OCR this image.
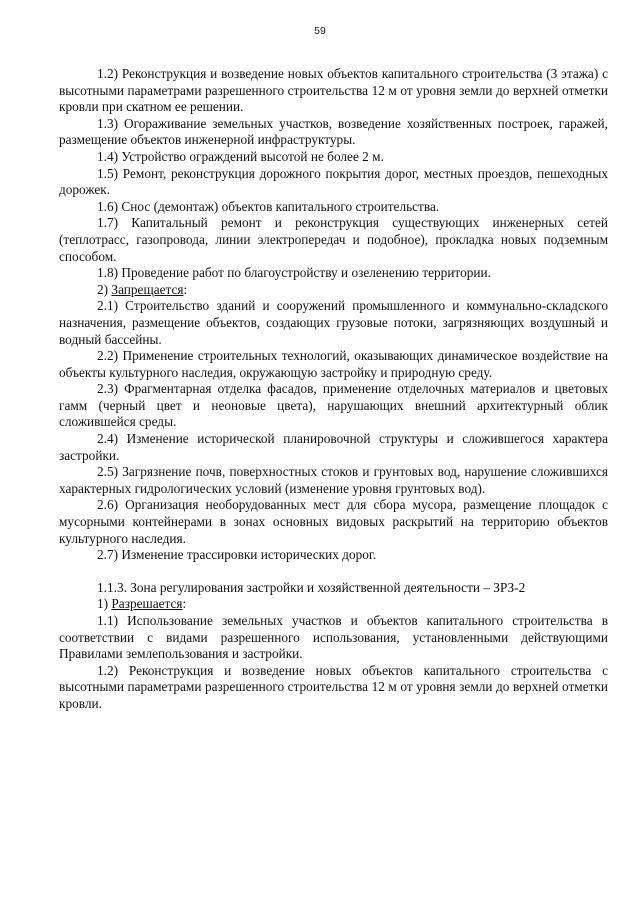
59

1.2) Реконструкция и возведение новых объектов капитального строительства (3 этажа) с высотными параметрами разрешенного строительства 12 м от уровня земли до верхней отметки кровли при скатном ее решении.

1.3) Огораживание земельных участков, возведение хозяйственных построек, гаражей, размещение объектов инженерной инфраструктуры.

1.4) Устройство ограждений высотой не более 2 м.

1.5) Ремонт, реконструкция дорожного покрытия дорог, местных проездов, пешеходных дорожек.

1.6) Снос (демонтаж) объектов капитального строительства.

1.7) Капитальный ремонт и реконструкция существующих инженерных сетей (теплотрасс, газопровода, линии электропередач и подобное), прокладка новых подземным способом.

1.8) Проведение работ по благоустройству и озеленению территории.

2) Запрещается:

2.1) Строительство зданий и сооружений промышленного и коммунально-складского назначения, размещение объектов, создающих грузовые потоки, загрязняющих воздушный и водный бассейны.

2.2) Применение строительных технологий, оказывающих динамическое воздействие на объекты культурного наследия, окружающую застройку и природную среду.

2.3) Фрагментарная отделка фасадов, применение отделочных материалов и цветовых гамм (черный цвет и неоновые цвета), нарушающих внешний архитектурный облик сложившейся среды.

2.4) Изменение исторической планировочной структуры и сложившегося характера застройки.

2.5) Загрязнение почв, поверхностных стоков и грунтовых вод, нарушение сложившихся характерных гидрологических условий (изменение уровня грунтовых вод).

2.6) Организация необорудованных мест для сбора мусора, размещение площадок с мусорными контейнерами в зонах основных видовых раскрытий на территорию объектов культурного наследия.

2.7) Изменение трассировки исторических дорог.

1.1.3. Зона регулирования застройки и хозяйственной деятельности – ЗРЗ-2

1) Разрешается:

1.1) Использование земельных участков и объектов капитального строительства в соответствии с видами разрешенного использования, установленными действующими Правилами землепользования и застройки.

1.2) Реконструкция и возведение новых объектов капитального строительства с высотными параметрами разрешенного строительства 12 м от уровня земли до верхней отметки кровли.
